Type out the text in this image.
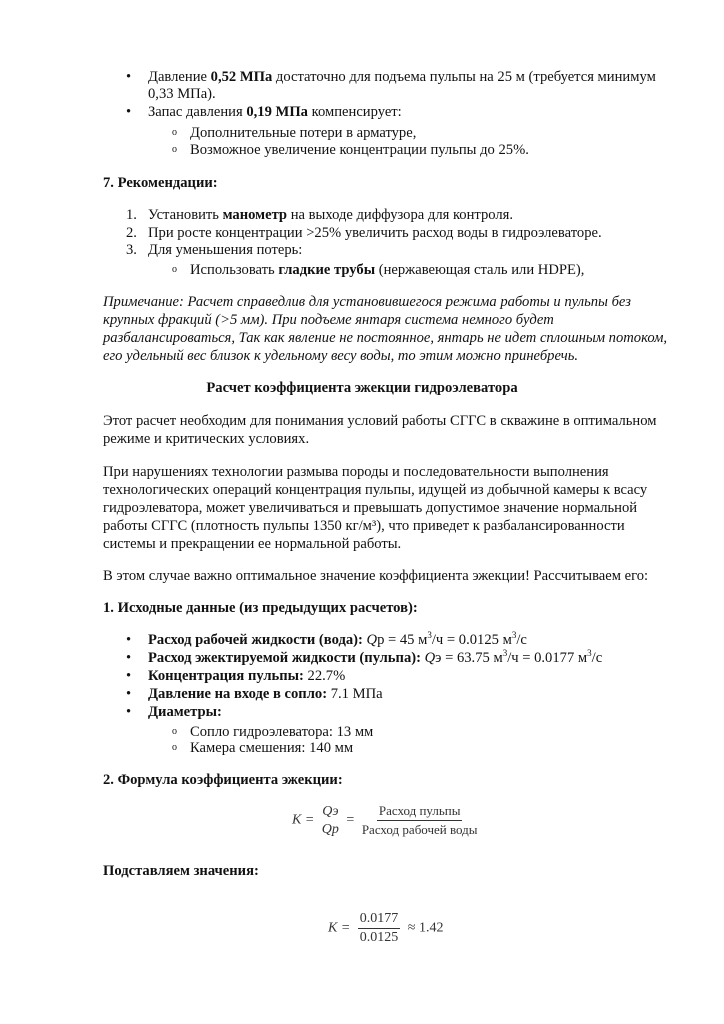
• Давление 0,52 МПа достаточно для подъема пульпы на 25 м (требуется минимум
0,33 МПа).
• Запас давления 0,19 МПа компенсирует:
o Дополнительные потери в арматуре,
o Возможное увеличение концентрации пульпы до 25%.
7. Рекомендации:
1. Установить манометр на выходе диффузора для контроля.
2. При росте концентрации >25% увеличить расход воды в гидроэлеваторе.
3. Для уменьшения потерь:
o Использовать гладкие трубы (нержавеющая сталь или HDPE),
Примечание: Расчет справедлив для установившегося режима работы и пульпы без
крупных фракций (>5 мм). При подъеме янтаря система немного будет
разбалансироваться, Так как явление не постоянное, янтарь не идет сплошным потоком,
его удельный вес близок к удельному весу воды, то этим можно принебречь.
Расчет коэффициента эжекции гидроэлеватора
Этот расчет необходим для понимания условий работы СГГС в скважине в оптимальном
режиме и критических условиях.
При нарушениях технологии размыва породы и последовательности выполнения
технологических операций концентрация пульпы, идущей из добычной камеры к всасу
гидроэлеватора, может увеличиваться и превышать допустимое значение нормальной
работы СГГС (плотность пульпы 1350 кг/м³), что приведет к разбалансированности
системы и прекращении ее нормальной работы.
В этом случае важно оптимальное значение коэффициента эжекции! Рассчитываем его:
1. Исходные данные (из предыдущих расчетов):
• Расход рабочей жидкости (вода): Qр = 45 $м^3/ч = 0.0125$ $м^3/с$
• Расход эжектируемой жидкости (пульпа): Qэ = 63.75 $м^3/ч = 0.0177$ $м^3/с$
• Концентрация пульпы: 22.7%
• Давление на входе в сопло: 7.1 МПа
• Диаметры:
o Сопло гидроэлеватора: 13 мм
o Камера смешения: 140 мм
2. Формула коэффициента эжекции:
K =
Qэ
Qр
= $\frac{\text{Расход пульпы}}{\text{Расход рабочей воды}}$
Подставляем значения:
$K = \frac{0.0177}{0.0125} \approx 1.42$
